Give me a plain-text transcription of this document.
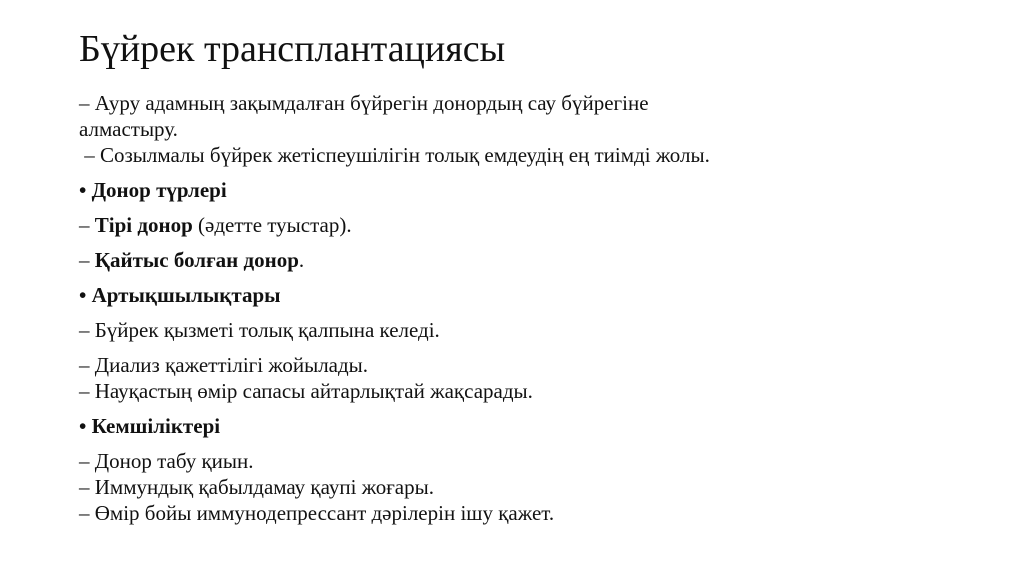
Бүйрек трансплантациясы
– Ауру адамның зақымдалған бүйрегін донордың сау бүйрегіне
алмастыру.
– Созылмалы бүйрек жетіспеушілігін толық емдеудің ең тиімді жолы.
• Донор түрлері
– Тірі донор (әдетте туыстар).
– Қайтыс болған донор.
• Артықшылықтары
– Бүйрек қызметі толық қалпына келеді.
– Диализ қажеттілігі жойылады.
– Науқастың өмір сапасы айтарлықтай жақсарады.
• Кемшіліктері
– Донор табу қиын.
– Иммундық қабылдамау қаупі жоғары.
– Өмір бойы иммунодепрессант дәрілерін ішу қажет.
